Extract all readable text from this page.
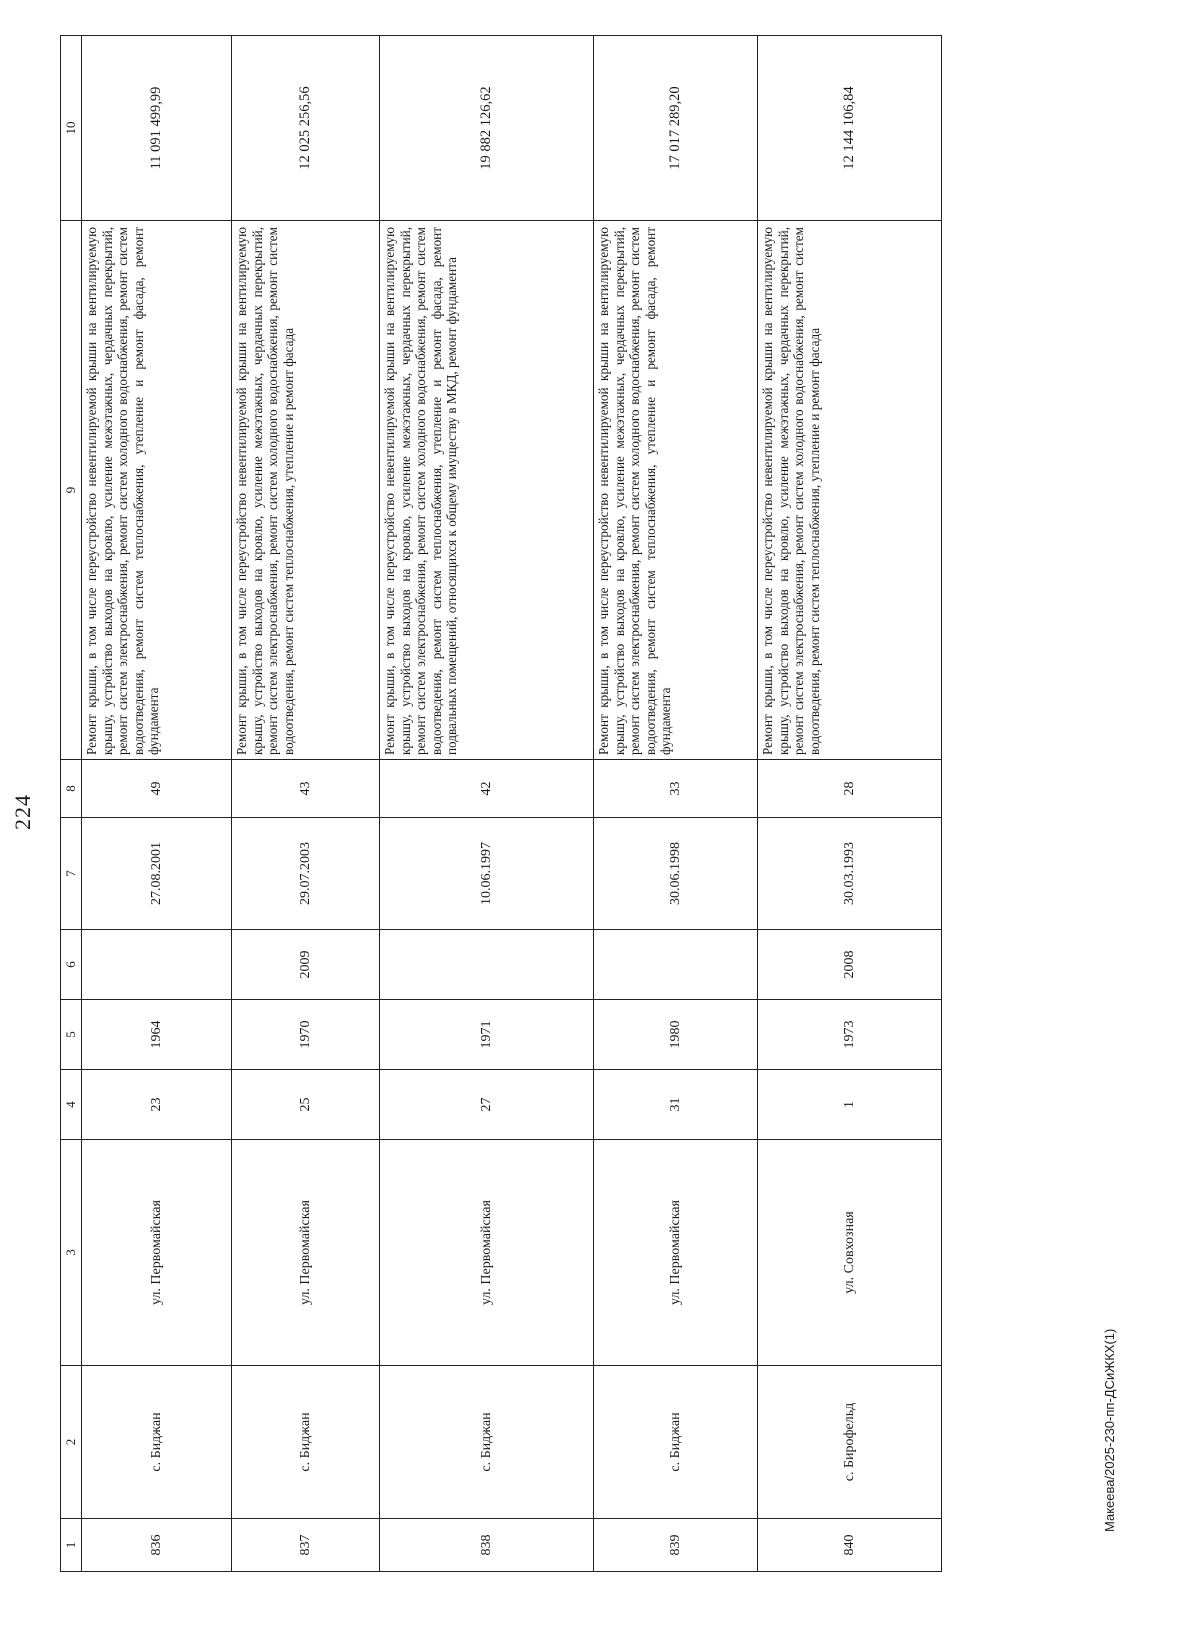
224
1	2	3	4	5	6	7	8	9	10
836	с. Биджан	ул. Первомайская	23	1964		27.08.2001	49	Ремонт крыши, в том числе переустройство невентилируемой крыши на вентилируемую крышу, устройство выходов на кровлю, усиление межэтажных, чердачных перекрытий, ремонт систем электроснабжения, ремонт систем холодного водоснабжения, ремонт систем водоотведения, ремонт систем теплоснабжения, утепление и ремонт фасада, ремонт фундамента	11 091 499,99
837	с. Биджан	ул. Первомайская	25	1970	2009	29.07.2003	43	Ремонт крыши, в том числе переустройство невентилируемой крыши на вентилируемую крышу, устройство выходов на кровлю, усиление межэтажных, чердачных перекрытий, ремонт систем электроснабжения, ремонт систем холодного водоснабжения, ремонт систем водоотведения, ремонт систем теплоснабжения, утепление и ремонт фасада	12 025 256,56
838	с. Биджан	ул. Первомайская	27	1971		10.06.1997	42	Ремонт крыши, в том числе переустройство невентилируемой крыши на вентилируемую крышу, устройство выходов на кровлю, усиление межэтажных, чердачных перекрытий, ремонт систем электроснабжения, ремонт систем холодного водоснабжения, ремонт систем водоотведения, ремонт систем теплоснабжения, утепление и ремонт фасада, ремонт подвальных помещений, относящихся к общему имуществу в МКД, ремонт фундамента	19 882 126,62
839	с. Биджан	ул. Первомайская	31	1980		30.06.1998	33	Ремонт крыши, в том числе переустройство невентилируемой крыши на вентилируемую крышу, устройство выходов на кровлю, усиление межэтажных, чердачных перекрытий, ремонт систем электроснабжения, ремонт систем холодного водоснабжения, ремонт систем водоотведения, ремонт систем теплоснабжения, утепление и ремонт фасада, ремонт фундамента	17 017 289,20
840	с. Бирофельд	ул. Совхозная	1	1973	2008	30.03.1993	28	Ремонт крыши, в том числе переустройство невентилируемой крыши на вентилируемую крышу, устройство выходов на кровлю, усиление межэтажных, чердачных перекрытий, ремонт систем электроснабжения, ремонт систем холодного водоснабжения, ремонт систем водоотведения, ремонт систем теплоснабжения, утепление и ремонт фасада	12 144 106,84
Макеева/2025-230-пп-ДСиЖКХ(1)
